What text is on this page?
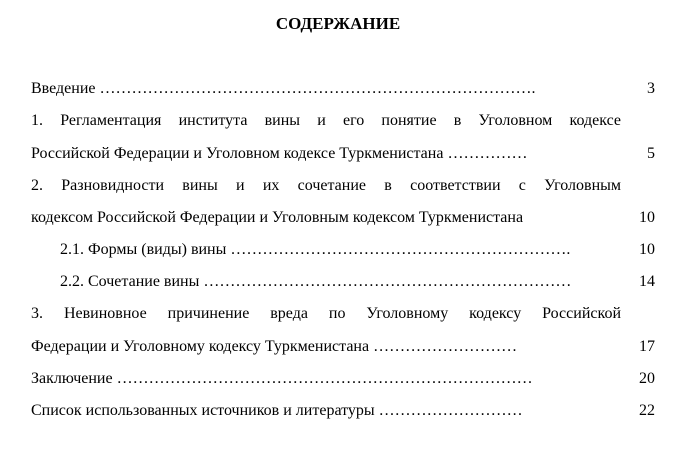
СОДЕРЖАНИЕ
Введение ……………………………………………………………………….	3
1. Регламентация института вины и его понятие в Уголовном кодексе
Российской Федерации и Уголовном кодексе Туркменистана ……………	5
2. Разновидности вины и их сочетание в соответствии с Уголовным
кодексом Российской Федерации и Уголовным кодексом Туркменистана	10
2.1. Формы (виды) вины ……………………………………………………….	10
2.2. Сочетание вины ……………………………………………………………	14
3. Невиновное причинение вреда по Уголовному кодексу Российской
Федерации и Уголовному кодексу Туркменистана ………………………	17
Заключение ……………………………………………………………………	20
Список использованных источников и литературы ………………………	22
